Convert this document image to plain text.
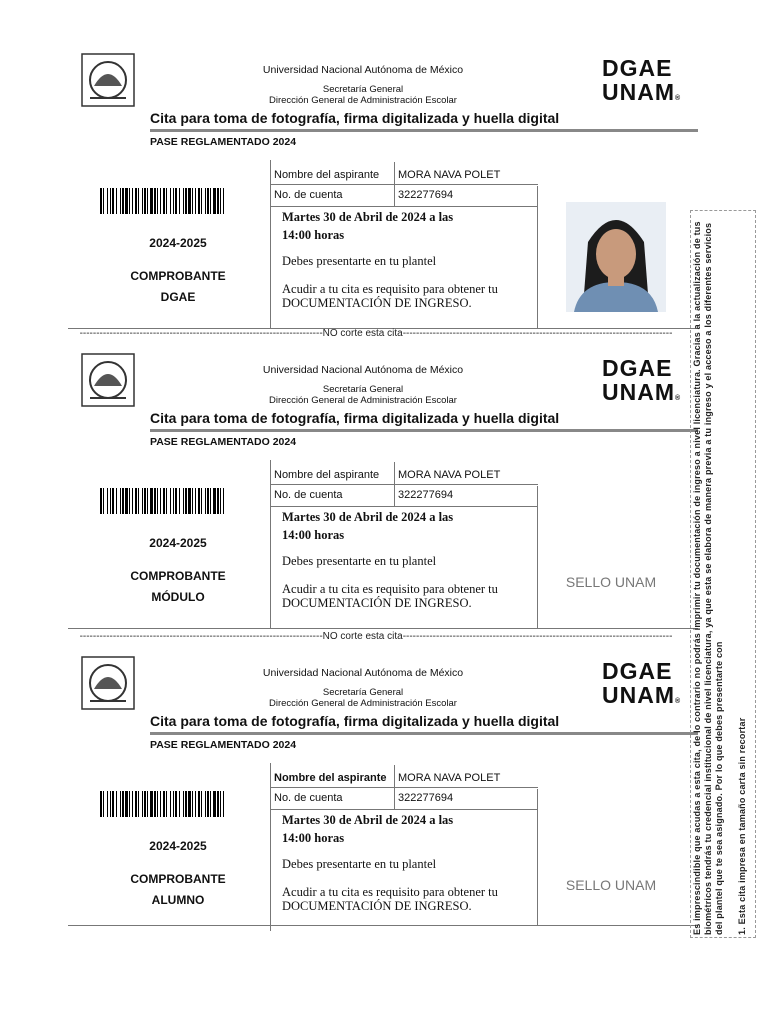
Universidad Nacional Autónoma de México
Secretaría General
Dirección General de Administración Escolar
DGAE
UNAM®
Cita para toma de fotografía, firma digitalizada y huella digital
PASE REGLAMENTADO 2024
2024-2025
COMPROBANTE
DGAE
Nombre del aspirante MORA NAVA POLET
No. de cuenta	322277694
Martes 30 de Abril de 2024 a las
14:00 horas
Debes presentarte en tu plantel
Acudir a tu cita es requisito para obtener tu
DOCUMENTACIÓN DE INGRESO.
-------------------------------------------------------------------------NO corte esta cita---------------------------------------------------------------------------------
Universidad Nacional Autónoma de México
Secretaría General
Dirección General de Administración Escolar
DGAE
UNAM®
Cita para toma de fotografía, firma digitalizada y huella digital
PASE REGLAMENTADO 2024
2024-2025
COMPROBANTE
MÓDULO
Nombre del aspirante MORA NAVA POLET
No. de cuenta	322277694
Martes 30 de Abril de 2024 a las
14:00 horas
Debes presentarte en tu plantel
Acudir a tu cita es requisito para obtener tu
DOCUMENTACIÓN DE INGRESO.
SELLO UNAM
-------------------------------------------------------------------------NO corte esta cita---------------------------------------------------------------------------------
Universidad Nacional Autónoma de México
Secretaría General
Dirección General de Administración Escolar
DGAE
UNAM®
Cita para toma de fotografía, firma digitalizada y huella digital
PASE REGLAMENTADO 2024
2024-2025
COMPROBANTE
ALUMNO
Nombre del aspirante MORA NAVA POLET
No. de cuenta	322277694
Martes 30 de Abril de 2024 a las
14:00 horas
Debes presentarte en tu plantel
Acudir a tu cita es requisito para obtener tu
DOCUMENTACIÓN DE INGRESO.
SELLO UNAM	Es imprescindible que acudas a esta cita, de lo contrario no podrás imprimir tu documentación de ingreso a nivel licenciatura. Gracias a la actualización de tus biométricos tendrás tu credencial institucional de nivel licenciatura, ya que esta se elabora de manera previa a tu ingreso y el acceso a los diferentes servicios del plantel que te sea asignado. Por lo que debes presentarte con 1. Esta cita impresa en tamaño carta sin recortar
